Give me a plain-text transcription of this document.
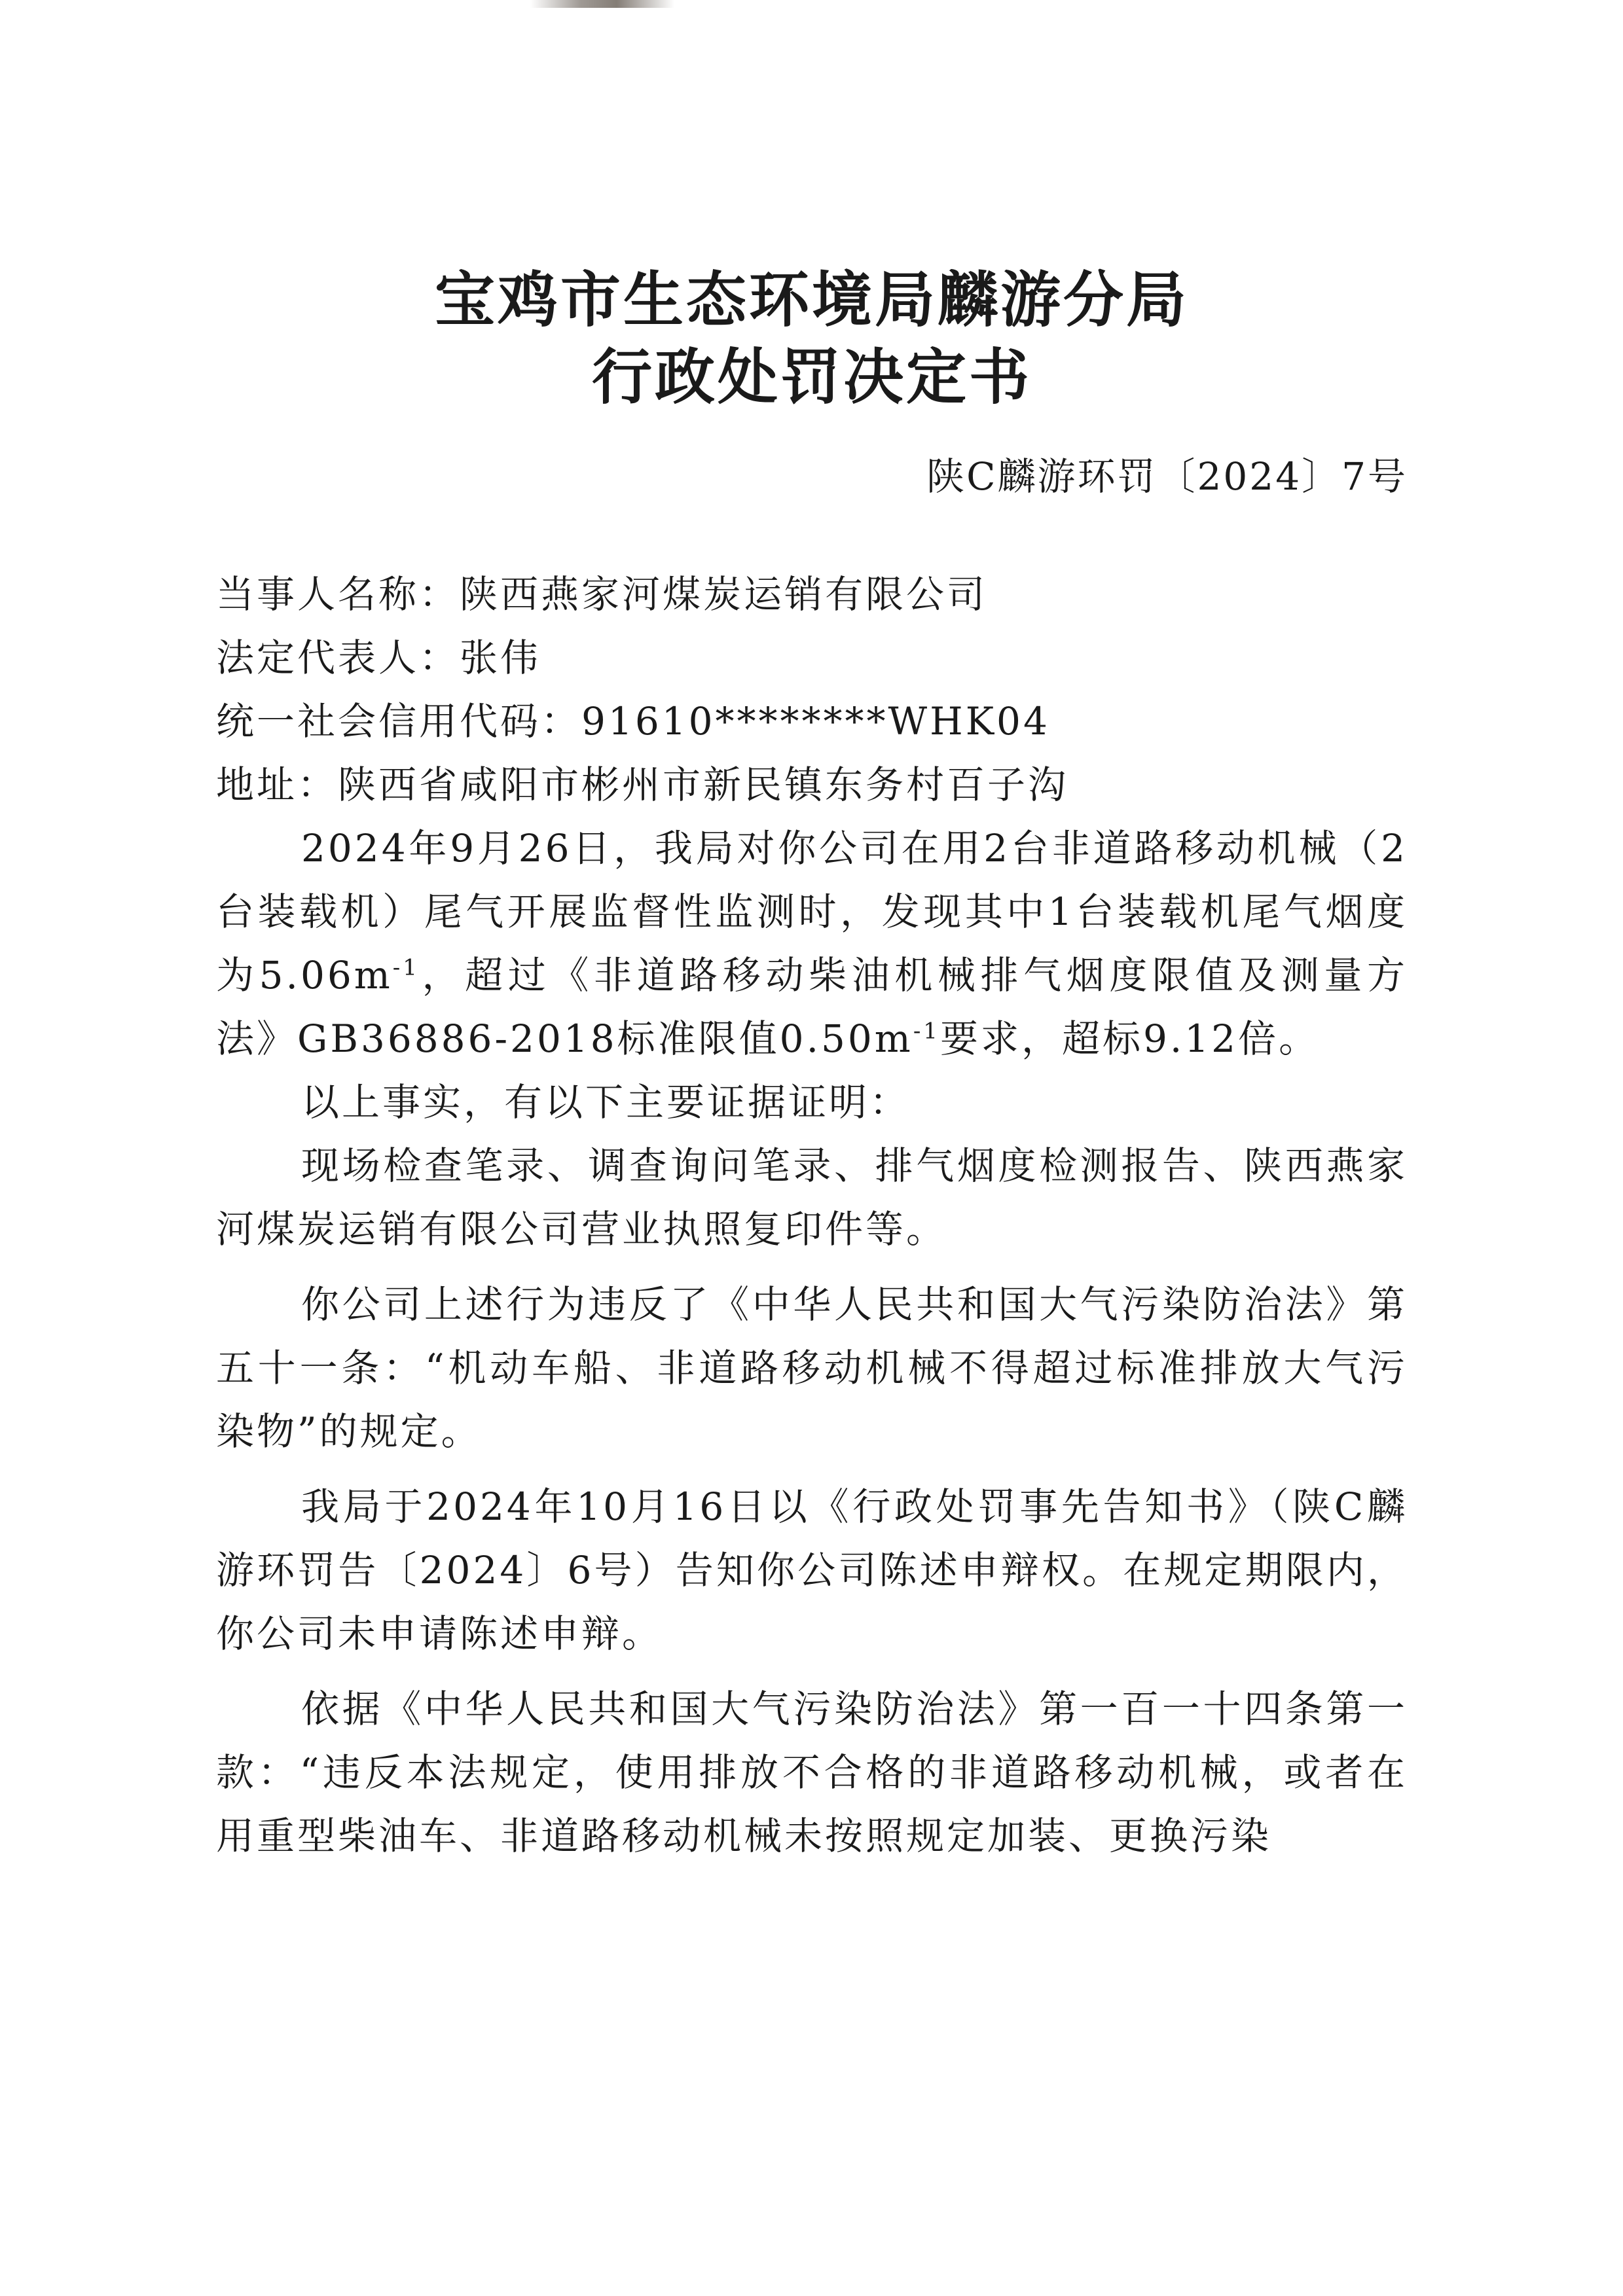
宝鸡市生态环境局麟游分局
行政处罚决定书
陕C麟游环罚〔2024〕7号
当事人名称：陕西燕家河煤炭运销有限公司
法定代表人：张伟
统一社会信用代码：91610********WHK04
地址：陕西省咸阳市彬州市新民镇东务村百子沟

2024年9月26日，我局对你公司在用2台非道路移动机械（2台装载机）尾气开展监督性监测时，发现其中1台装载机尾气烟度为$5.06m^{-1}$，超过《非道路移动柴油机械排气烟度限值及测量方法》GB36886-2018标准限值$0.50m^{-1}$要求，超标9.12倍。

以上事实，有以下主要证据证明：

现场检查笔录、调查询问笔录、排气烟度检测报告、陕西燕家河煤炭运销有限公司营业执照复印件等。

你公司上述行为违反了《中华人民共和国大气污染防治法》第五十一条：“机动车船、非道路移动机械不得超过标准排放大气污染物”的规定。

我局于2024年10月16日以《行政处罚事先告知书》（陕C麟游环罚告〔2024〕6号）告知你公司陈述申辩权。在规定期限内，你公司未申请陈述申辩。

依据《中华人民共和国大气污染防治法》第一百一十四条第一款：“违反本法规定，使用排放不合格的非道路移动机械，或者在用重型柴油车、非道路移动机械未按照规定加装、更换污染
